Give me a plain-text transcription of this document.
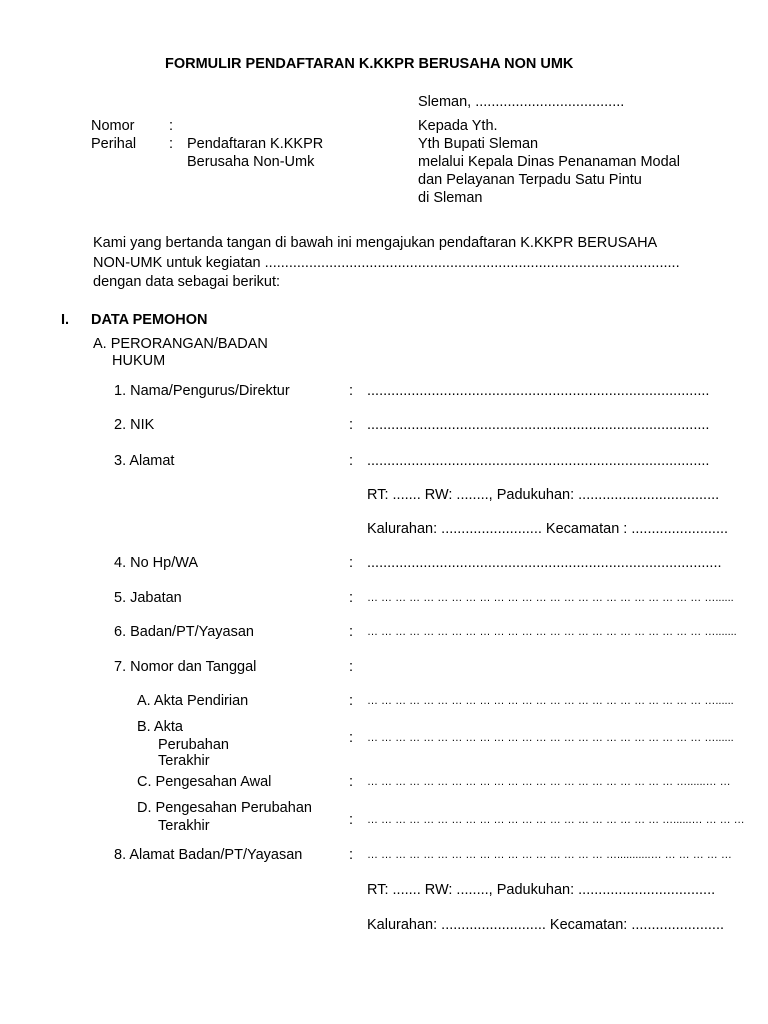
FORMULIR PENDAFTARAN K.KKPR BERUSAHA NON UMK
Sleman, .....................................
Nomor :
Perihal : Pendaftaran K.KKPR
Berusaha Non-Umk
Kepada Yth.
Yth Bupati Sleman
melalui Kepala Dinas Penanaman Modal
dan Pelayanan Terpadu Satu Pintu
di Sleman
Kami yang bertanda tangan di bawah ini mengajukan pendaftaran K.KKPR BERUSAHA
NON-UMK untuk kegiatan .......................................................................................................
dengan data sebagai berikut:
I. DATA PEMOHON
A. PERORANGAN/BADAN
HUKUM
1. Nama/Pengurus/Direktur	: .....................................................................................
2. NIK	: .....................................................................................
3. Alamat	: .....................................................................................
RT: ....... RW: ........, Padukuhan: ...................................
Kalurahan: ......................... Kecamatan : ........................
4. No Hp/WA	: ........................................................................................
5. Jabatan	: … … … … … … … … … … … … … … … … … … … … … … … … …......
6. Badan/PT/Yayasan	: … … … … … … … … … … … … … … … … … … … … … … … … ….......
7. Nomor dan Tanggal	:
A. Akta Pendirian	: … … … … … … … … … … … … … … … … … … … … … … … … …......
B. Akta
Perubahan
Terakhir
: … … … … … … … … … … … … … … … … … … … … … … … … …......
C. Pengesahan Awal	: … … … … … … … … … … … … … … … … … … … … … … …......… …
D. Pengesahan Perubahan
Terakhir	: … … … … … … … … … … … … … … … … … … … … … …......… … … …
8. Alamat Badan/PT/Yayasan	: … … … … … … … … … … … … … … … … … …...........… … … … … …
RT: ....... RW: ........, Padukuhan: ..................................
Kalurahan: .......................... Kecamatan: .......................
